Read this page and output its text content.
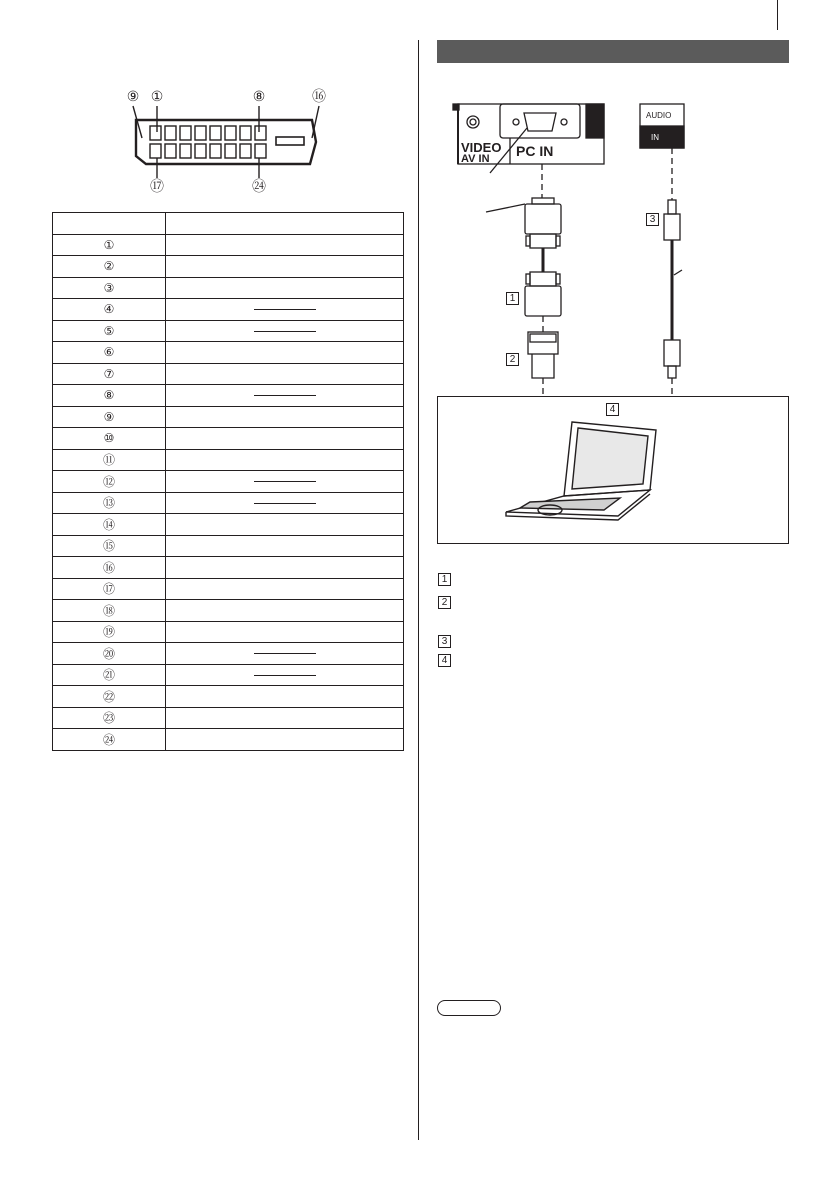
⑨ ①	⑧	⑯
⑰	㉔

①	
②	
③	
④	

⑤	

⑥	
⑦	
⑧	

⑨	
⑩	
⑪	
⑫	

⑬	

⑭	
⑮	
⑯	
⑰	
⑱	
⑲	
⑳	

㉑	

㉒	
㉓	
㉔	
VIDEO
AV IN PC IN
AUDIO
IN
1
2
3
4
1
2
3
4
